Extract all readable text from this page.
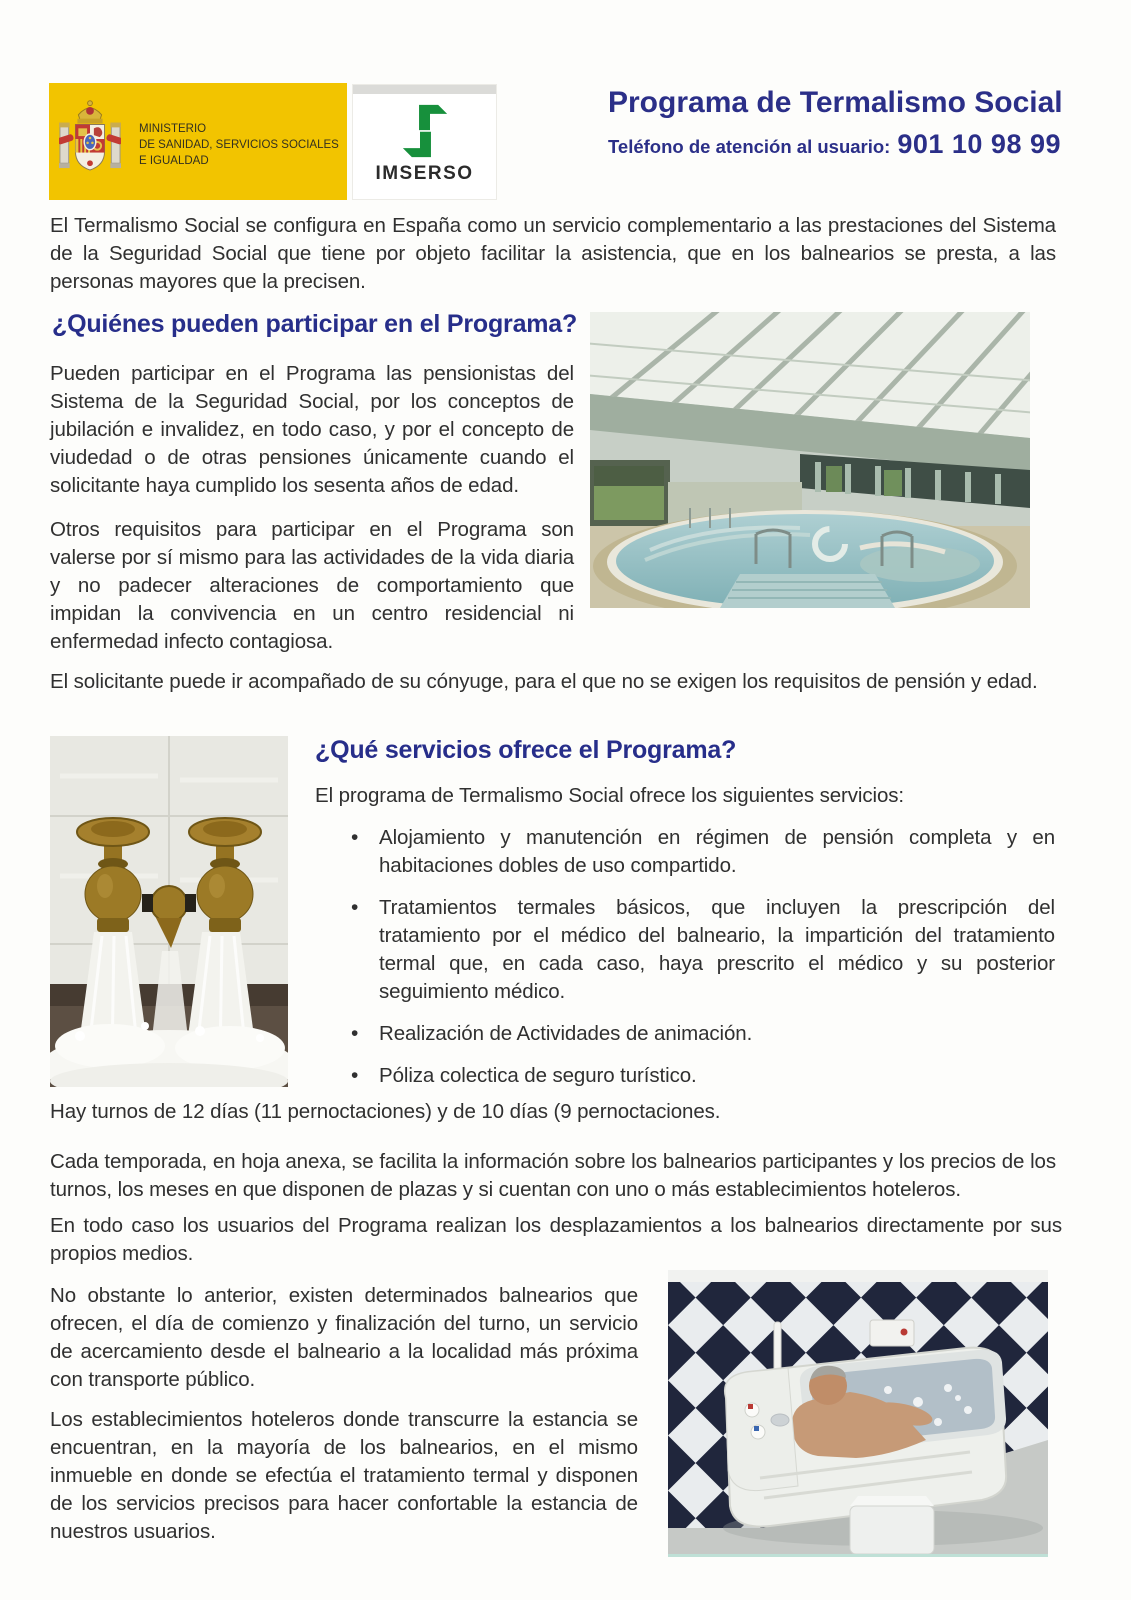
MINISTERIO
DE SANIDAD, SERVICIOS SOCIALES
E IGUALDAD
IMSERSO
Programa de Termalismo Social
Teléfono de atención al usuario: 901 10 98 99

El Termalismo Social se configura en España como un servicio complementario a las prestaciones del Sistema de la Seguridad Social que tiene por objeto facilitar la asistencia, que en los balnearios se presta, a las personas mayores que la precisen.

¿Quiénes pueden participar en el Programa?

Pueden participar en el Programa las pensionistas del Sistema de la Seguridad Social, por los conceptos de jubilación e invalidez, en todo caso, y por el concepto de viudedad o de otras pensiones únicamente cuando el solicitante haya cumplido los sesenta años de edad.

Otros requisitos para participar en el Programa son valerse por sí mismo para las actividades de la vida diaria y no padecer alteraciones de comportamiento que impidan la convivencia en un centro residencial ni enfermedad infecto contagiosa.

El solicitante puede ir acompañado de su cónyuge, para el que no se exigen los requisitos de pensión y edad.

¿Qué servicios ofrece el Programa?

El programa de Termalismo Social ofrece los siguientes servicios:

• Alojamiento y manutención en régimen de pensión completa y en habitaciones dobles de uso compartido.
• Tratamientos termales básicos, que incluyen la prescripción del tratamiento por el médico del balneario, la impartición del tratamiento termal que, en cada caso, haya prescrito el médico y su posterior seguimiento médico.
• Realización de Actividades de animación.
• Póliza colectica de seguro turístico.

Hay turnos de 12 días (11 pernoctaciones) y de 10 días (9 pernoctaciones.

Cada temporada, en hoja anexa, se facilita la información sobre los balnearios participantes y los precios de los turnos, los meses en que disponen de plazas y si cuentan con uno o más establecimientos hoteleros.

En todo caso los usuarios del Programa realizan los desplazamientos a los balnearios directamente por sus propios medios.

No obstante lo anterior, existen determinados balnearios que ofrecen, el día de comienzo y finalización del turno, un servicio de acercamiento desde el balneario a la localidad más próxima con transporte público.

Los establecimientos hoteleros donde transcurre la estancia se encuentran, en la mayoría de los balnearios, en el mismo inmueble en donde se efectúa el tratamiento termal y disponen de los servicios precisos para hacer confortable la estancia de nuestros usuarios.
